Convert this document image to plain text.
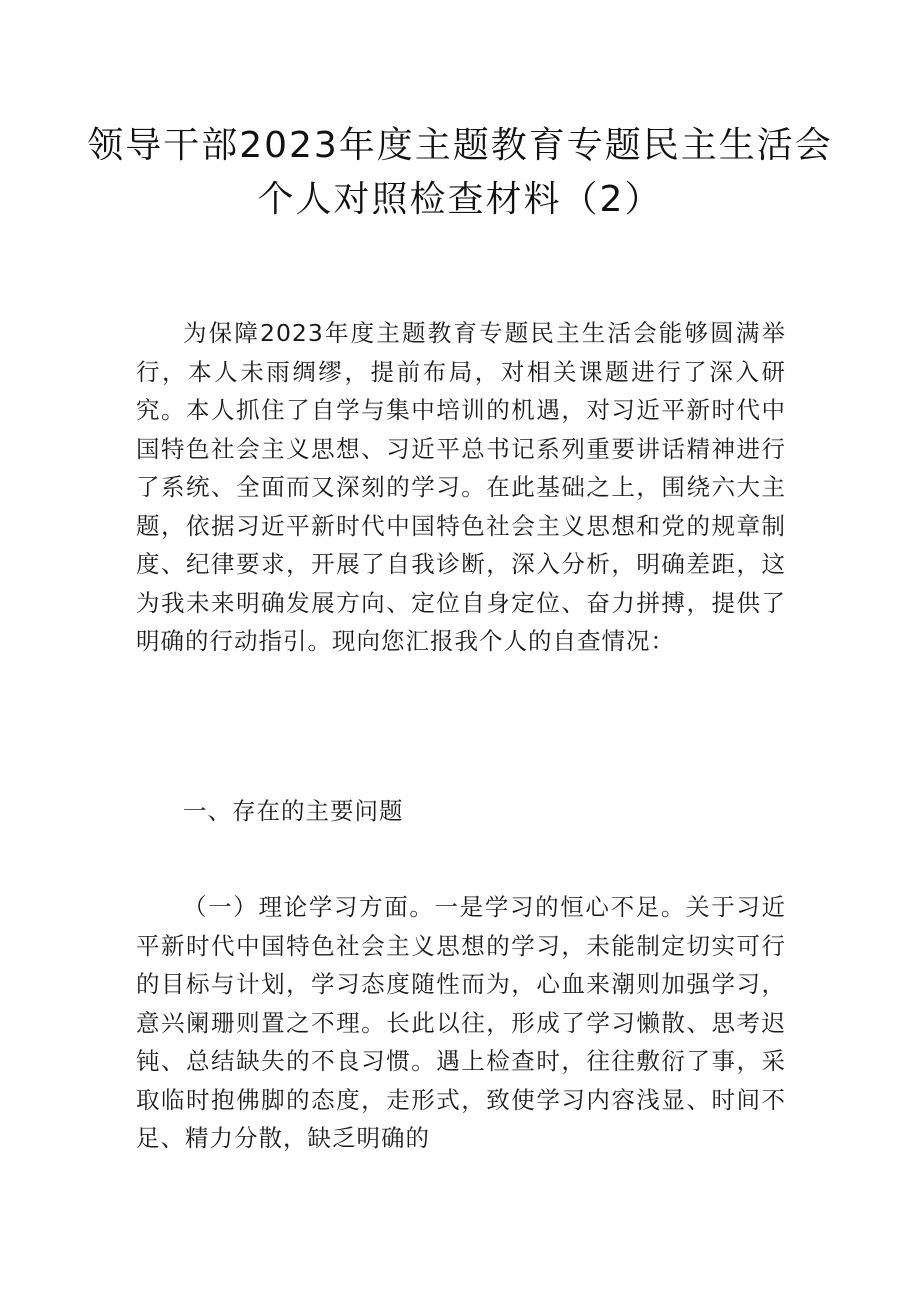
领导干部2023年度主题教育专题民主生活会
个人对照检查材料（2）

为保障2023年度主题教育专题民主生活会能够圆满举行，本人未雨绸缪，提前布局，对相关课题进行了深入研究。本人抓住了自学与集中培训的机遇，对习近平新时代中国特色社会主义思想、习近平总书记系列重要讲话精神进行了系统、全面而又深刻的学习。在此基础之上，围绕六大主题，依据习近平新时代中国特色社会主义思想和党的规章制度、纪律要求，开展了自我诊断，深入分析，明确差距，这为我未来明确发展方向、定位自身定位、奋力拼搏，提供了明确的行动指引。现向您汇报我个人的自查情况：

一、存在的主要问题

（一）理论学习方面。一是学习的恒心不足。关于习近平新时代中国特色社会主义思想的学习，未能制定切实可行的目标与计划，学习态度随性而为，心血来潮则加强学习，意兴阑珊则置之不理。长此以往，形成了学习懒散、思考迟钝、总结缺失的不良习惯。遇上检查时，往往敷衍了事，采取临时抱佛脚的态度，走形式，致使学习内容浅显、时间不足、精力分散，缺乏明确的
